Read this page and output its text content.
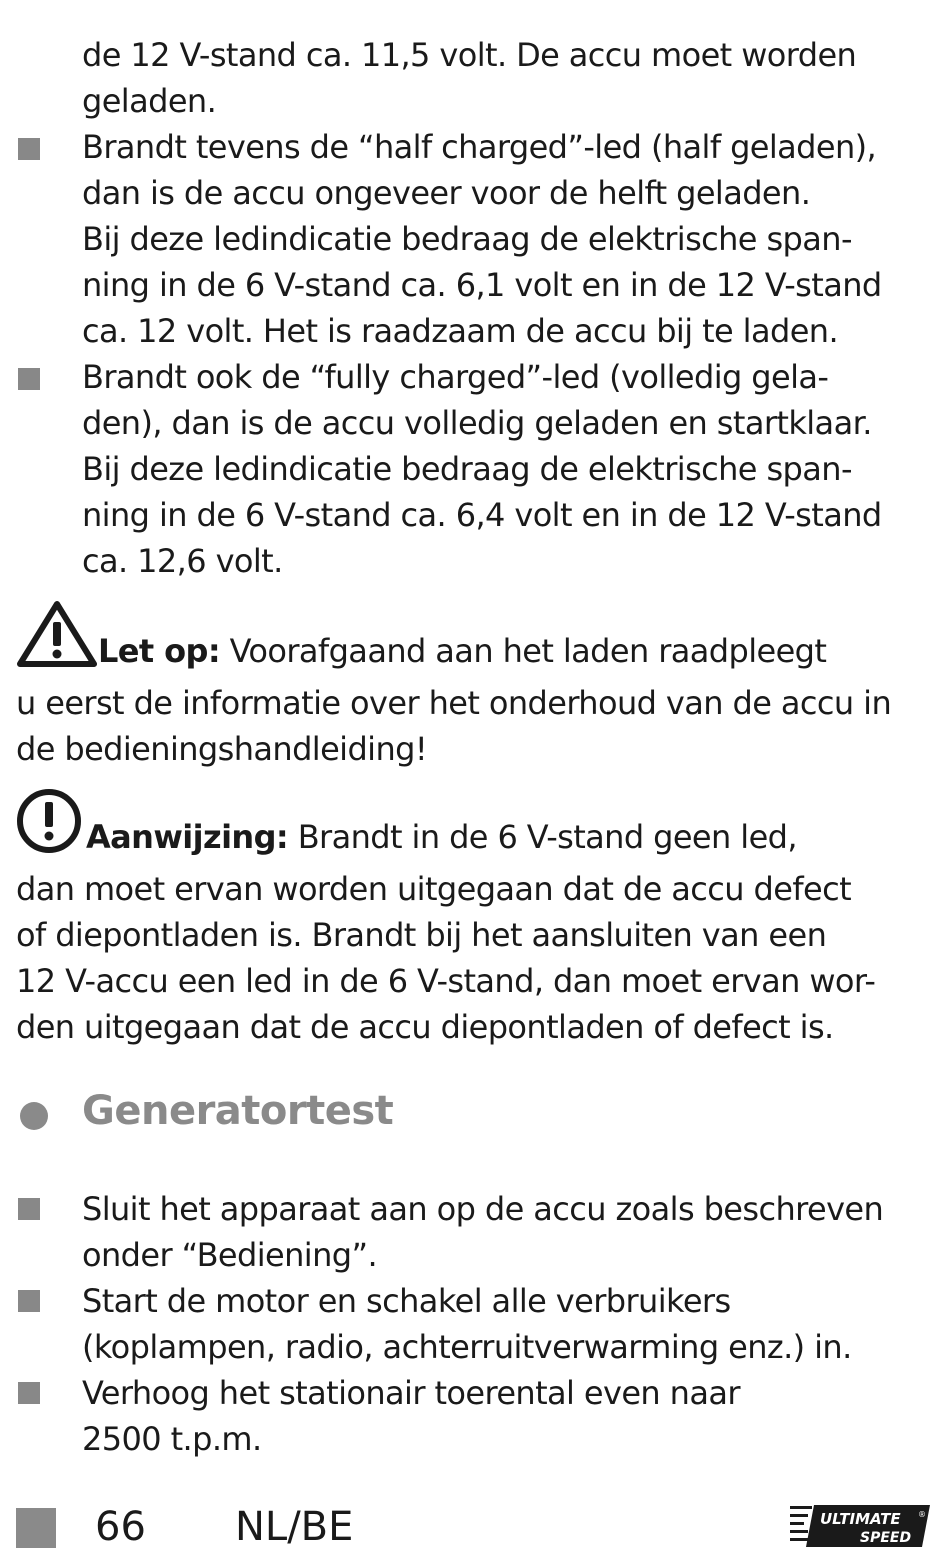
de 12 V-stand ca. 11,5 volt. De accu moet worden
geladen.
Brandt tevens de “half charged”-led (half geladen),
dan is de accu ongeveer voor de helft geladen.
Bij deze ledindicatie bedraag de elektrische span-
ning in de 6 V-stand ca. 6,1 volt en in de 12 V-stand
ca. 12 volt. Het is raadzaam de accu bij te laden.
Brandt ook de “fully charged”-led (volledig gela-
den), dan is de accu volledig geladen en startklaar.
Bij deze ledindicatie bedraag de elektrische span-
ning in de 6 V-stand ca. 6,4 volt en in de 12 V-stand
ca. 12,6 volt.
Let op: Voorafgaand aan het laden raadpleegt
u eerst de informatie over het onderhoud van de accu in
de bedieningshandleiding!
Aanwijzing: Brandt in de 6 V-stand geen led,
dan moet ervan worden uitgegaan dat de accu defect
of diepontladen is. Brandt bij het aansluiten van een
12 V-accu een led in de 6 V-stand, dan moet ervan wor-
den uitgegaan dat de accu diepontladen of defect is.
Generatortest
Sluit het apparaat aan op de accu zoals beschreven
onder “Bediening”.
Start de motor en schakel alle verbruikers
(koplampen, radio, achterruitverwarming enz.) in.
Verhoog het stationair toerental even naar
2500 t.p.m.
66 NL/BE	ULTIMATE
SPEED
®
